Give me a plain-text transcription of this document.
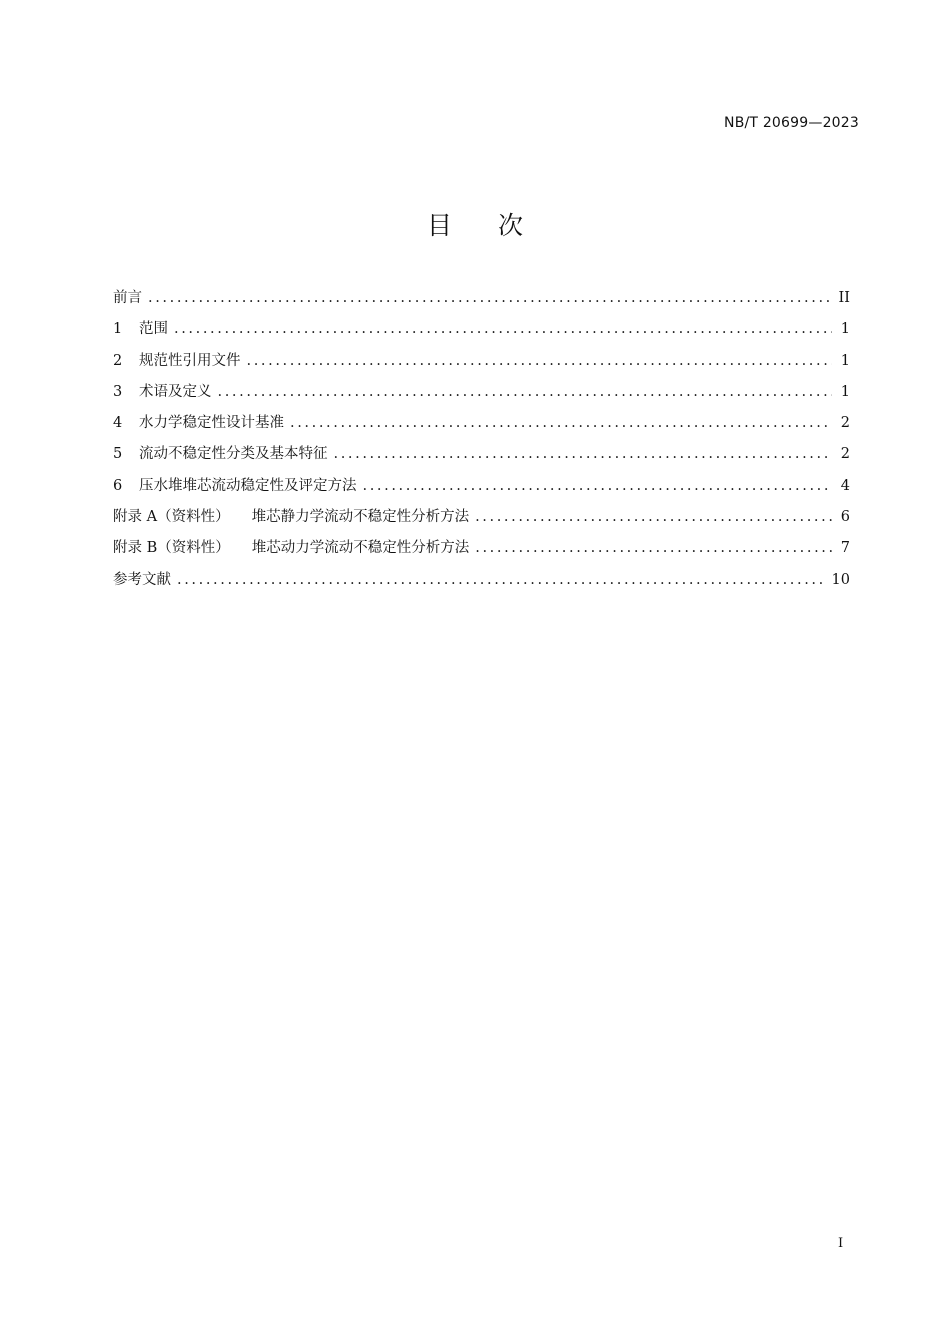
NB/T 20699—2023
目次
前言 .....	II
1	范围 .....	1
2	规范性引用文件 .....	1
3	术语及定义 .....	1
4	水力学稳定性设计基准 .....	2
5	流动不稳定性分类及基本特征 .....	2
6	压水堆堆芯流动稳定性及评定方法 .....	4
附录 A（资料性） 堆芯静力学流动不稳定性分析方法 .....	6
附录 B（资料性） 堆芯动力学流动不稳定性分析方法 .....	7
参考文献 .....	10
I
